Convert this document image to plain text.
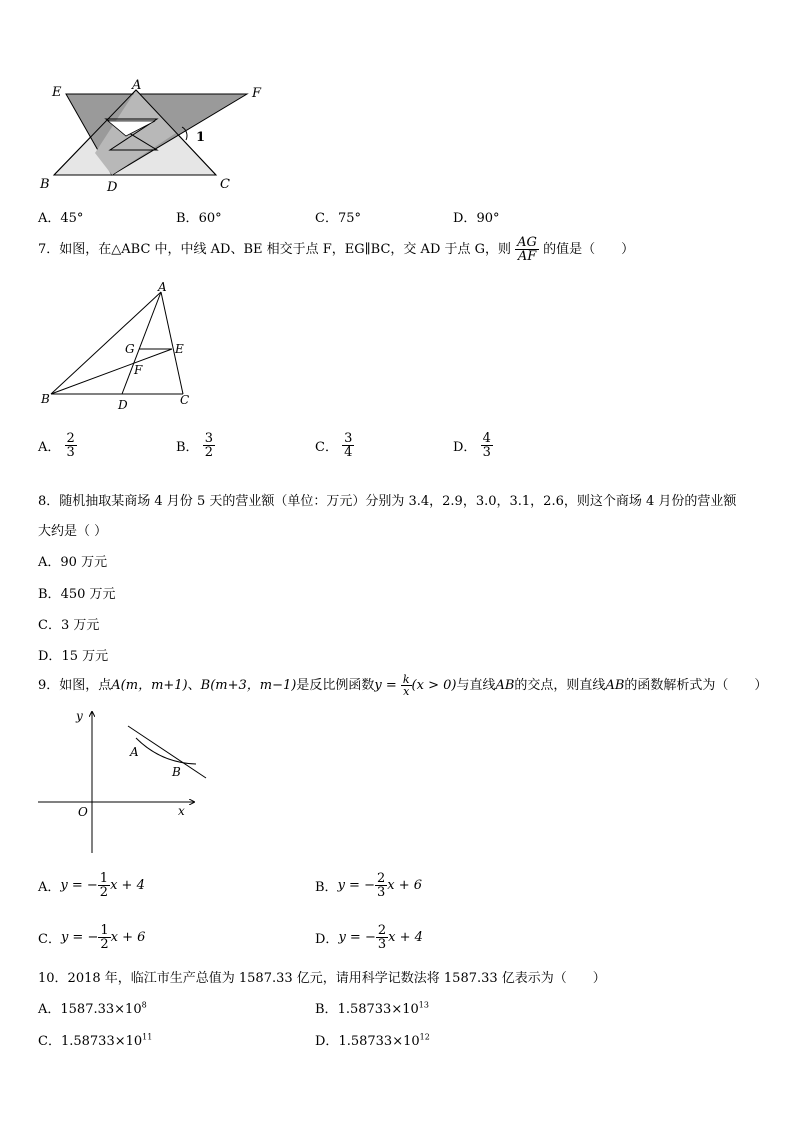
E	A
F
1
B	D	C
A．45°	B．60°	C．75°	D．90°
7．如图，在△ABC 中，中线 AD、BE 相交于点 F，EG∥BC，交 AD 于点 G，则 $\frac{AG}{AF}$ 的值是（　　）
A
G	E
F
B	D	C
A． $\frac{2}{3}$	B． $\frac{3}{2}$	C． $\frac{3}{4}$	D． $\frac{4}{3}$
8．随机抽取某商场 4 月份 5 天的营业额（单位：万元）分别为 3.4，2.9，3.0，3.1，2.6，则这个商场 4 月份的营业额
大约是（ ）
A．90 万元
B．450 万元
C．3 万元
D．15 万元
9．如图，点A(m，m+1)、B(m+3，m−1)是反比例函数$y = \frac{k}{x} (x > 0)$与直线AB的交点，则直线AB的函数解析式为（　　）
y
x
O
A
B
A．y = − $\frac{1}{2}$ x + 4	B．y = − $\frac{2}{3}$ x + 6
C．y = − $\frac{1}{2}$ x + 6	D．y = − $\frac{2}{3}$ x + 4
10．2018 年，临江市生产总值为 1587.33 亿元，请用科学记数法将 1587.33 亿表示为（　　）
A．$1587.33\times 10^8$	B．$1.58733\times 10^{13}$
C．$1.58733\times 10^{11}$	D．$1.58733\times 10^{12}$
